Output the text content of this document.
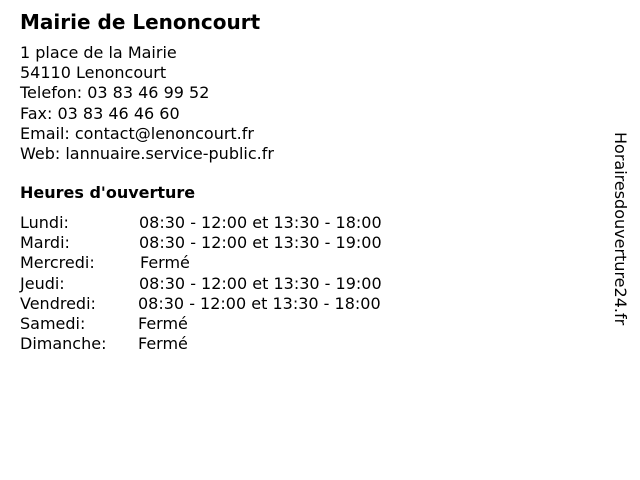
Mairie de Lenoncourt
1 place de la Mairie
54110 Lenoncourt
Telefon: 03 83 46 99 52
Fax: 03 83 46 46 60
Email: contact@lenoncourt.fr
Web: lannuaire.service-public.fr
Heures d'ouverture
Lundi:	08:30 - 12:00 et 13:30 - 18:00
Mardi:	08:30 - 12:00 et 13:30 - 19:00
Mercredi:	Fermé
Jeudi:	08:30 - 12:00 et 13:30 - 19:00
Vendredi:	08:30 - 12:00 et 13:30 - 18:00
Samedi:	Fermé
Dimanche: Fermé
Horairesdouverture24.fr
